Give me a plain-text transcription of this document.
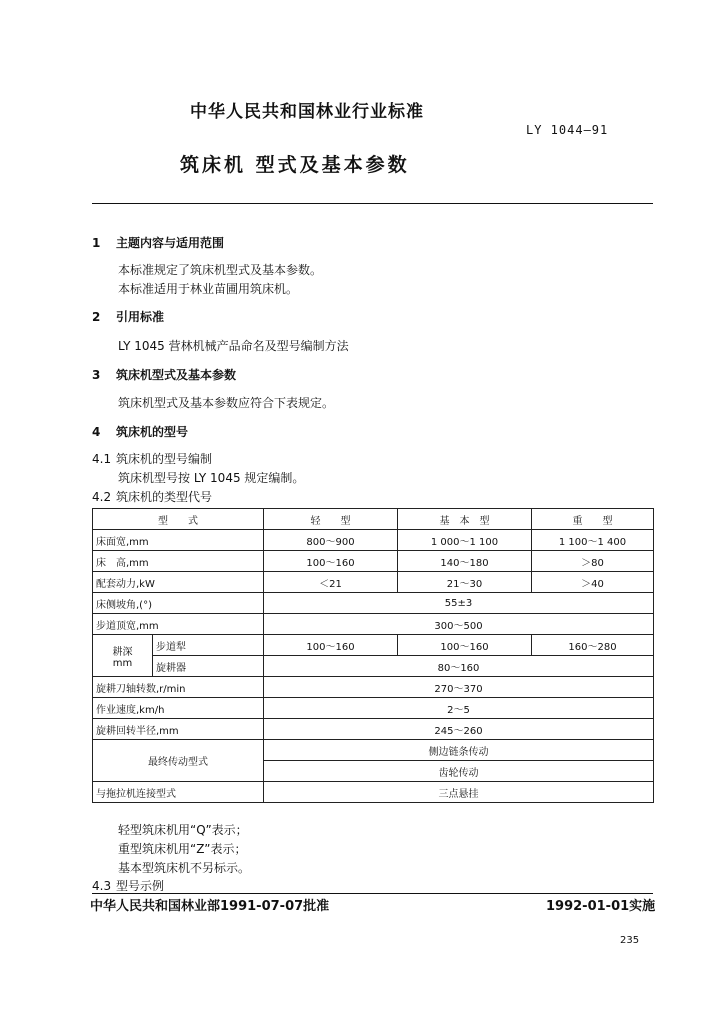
中华人民共和国林业行业标准
LY 1044—91
筑床机 型式及基本参数
1 主题内容与适用范围
本标准规定了筑床机型式及基本参数。
本标准适用于林业苗圃用筑床机。
2 引用标准
LY 1045 营林机械产品命名及型号编制方法
3 筑床机型式及基本参数
筑床机型式及基本参数应符合下表规定。
4 筑床机的型号
4.1 筑床机的型号编制
筑床机型号按 LY 1045 规定编制。
4.2 筑床机的类型代号
型　　式		轻　　型	基　本　型	重　　型
床面宽,mm		800～900	1 000～1 100	1 100～1 400
床　高,mm		100～160	140～180	＞80
配套动力,kW		＜21	21～30	＞40
床侧坡角,(°)		55±3		
步道顶宽,mm		300～500		

耕深
mm	步道犁	100～160	100～160	160～280
	旋耕器	80～160		
旋耕刀轴转数,r/min		270～370		
作业速度,km/h		2～5		
旋耕回转半径,mm		245～260		
最终传动型式		侧边链条传动		
		齿轮传动		
与拖拉机连接型式		三点悬挂		
轻型筑床机用“Q”表示；
重型筑床机用“Z”表示；
基本型筑床机不另标示。
4.3 型号示例
中华人民共和国林业部1991-07-07批准	1992-01-01实施
235
